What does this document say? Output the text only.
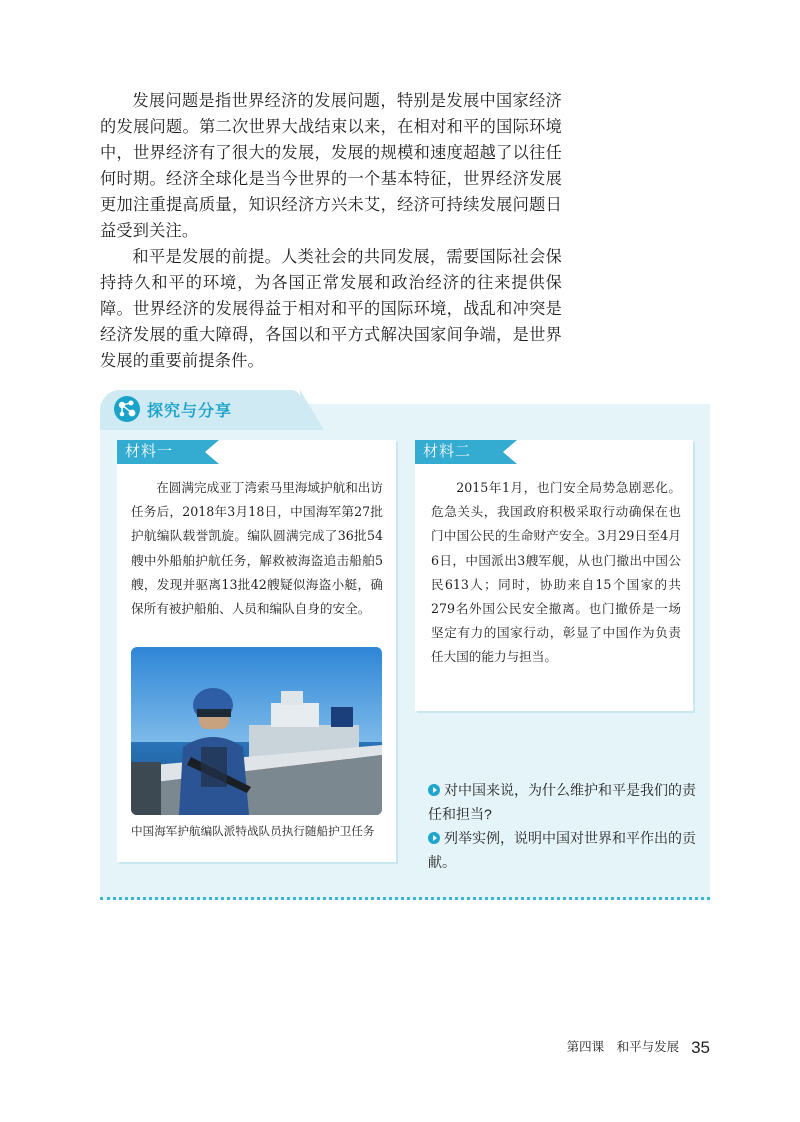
发展问题是指世界经济的发展问题，特别是发展中国家经济的发展问题。第二次世界大战结束以来，在相对和平的国际环境中，世界经济有了很大的发展，发展的规模和速度超越了以往任何时期。经济全球化是当今世界的一个基本特征，世界经济发展更加注重提高质量，知识经济方兴未艾，经济可持续发展问题日益受到关注。

和平是发展的前提。人类社会的共同发展，需要国际社会保持持久和平的环境，为各国正常发展和政治经济的往来提供保障。世界经济的发展得益于相对和平的国际环境，战乱和冲突是经济发展的重大障碍，各国以和平方式解决国家间争端，是世界发展的重要前提条件。

探究与分享
材料一

在圆满完成亚丁湾索马里海域护航和出访任务后，2018年3月18日，中国海军第27批护航编队载誉凯旋。编队圆满完成了36批54艘中外船舶护航任务，解救被海盗追击船舶5艘，发现并驱离13批42艘疑似海盗小艇，确保所有被护船舶、人员和编队自身的安全。

中国海军护航编队派特战队员执行随船护卫任务
材料二

2015年1月，也门安全局势急剧恶化。危急关头，我国政府积极采取行动确保在也门中国公民的生命财产安全。3月29日至4月6日，中国派出3艘军舰，从也门撤出中国公民613人；同时，协助来自15个国家的共279名外国公民安全撤离。也门撤侨是一场坚定有力的国家行动，彰显了中国作为负责任大国的能力与担当。

对中国来说，为什么维护和平是我们的责任和担当?

列举实例，说明中国对世界和平作出的贡献。

第四课　和平与发展 35
